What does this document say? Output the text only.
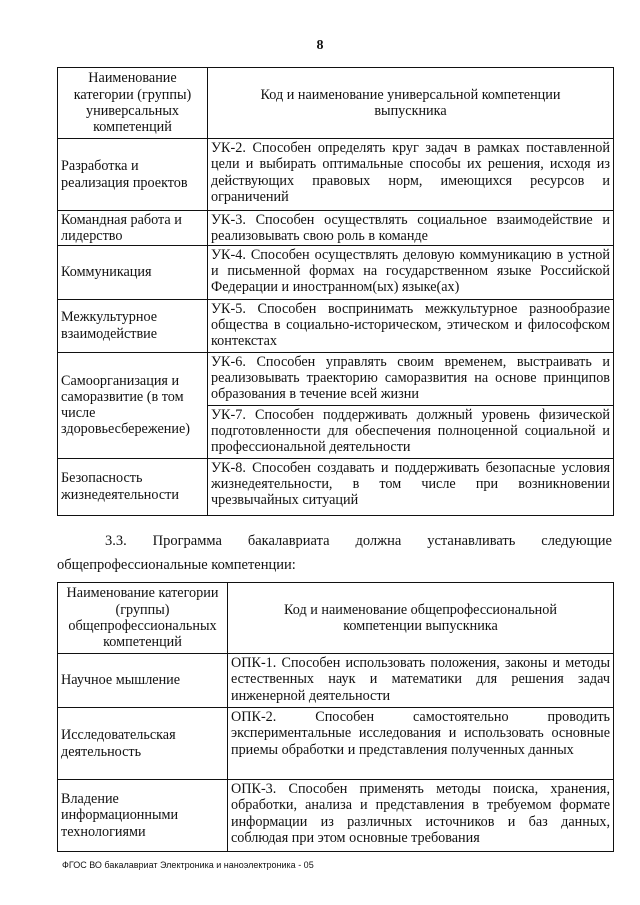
8
Наименование категории (группы) универсальных компетенций	Код и наименование универсальной компетенции выпускника
Разработка и реализация проектов	УК-2. Способен определять круг задач в рамках поставленной цели и выбирать оптимальные способы их решения, исходя из действующих правовых норм, имеющихся ресурсов и ограничений
Командная работа и лидерство	УК-3. Способен осуществлять социальное взаимодействие и реализовывать свою роль в команде
Коммуникация	УК-4. Способен осуществлять деловую коммуникацию в устной и письменной формах на государственном языке Российской Федерации и иностранном(ых) языке(ах)
Межкультурное взаимодействие	УК-5. Способен воспринимать межкультурное разнообразие общества в социально-историческом, этическом и философском контекстах
Самоорганизация и саморазвитие (в том числе здоровьесбережение)	УК-6. Способен управлять своим временем, выстраивать и реализовывать траекторию саморазвития на основе принципов образования в течение всей жизни
	УК-7. Способен поддерживать должный уровень физической подготовленности для обеспечения полноценной социальной и профессиональной деятельности
Безопасность жизнедеятельности	УК-8. Способен создавать и поддерживать безопасные условия жизнедеятельности, в том числе при возникновении чрезвычайных ситуаций
3.3. Программа бакалавриата должна устанавливать следующие
общепрофессиональные компетенции:
Наименование категории (группы) общепрофессиональных компетенций	Код и наименование общепрофессиональной компетенции выпускника
Научное мышление	ОПК-1. Способен использовать положения, законы и методы естественных наук и математики для решения задач инженерной деятельности
Исследовательская деятельность	ОПК-2. Способен самостоятельно проводить экспериментальные исследования и использовать основные приемы обработки и представления полученных данных
Владение информационными технологиями	ОПК-3. Способен применять методы поиска, хранения, обработки, анализа и представления в требуемом формате информации из различных источников и баз данных, соблюдая при этом основные требования
ФГОС ВО бакалавриат Электроника и наноэлектроника - 05
